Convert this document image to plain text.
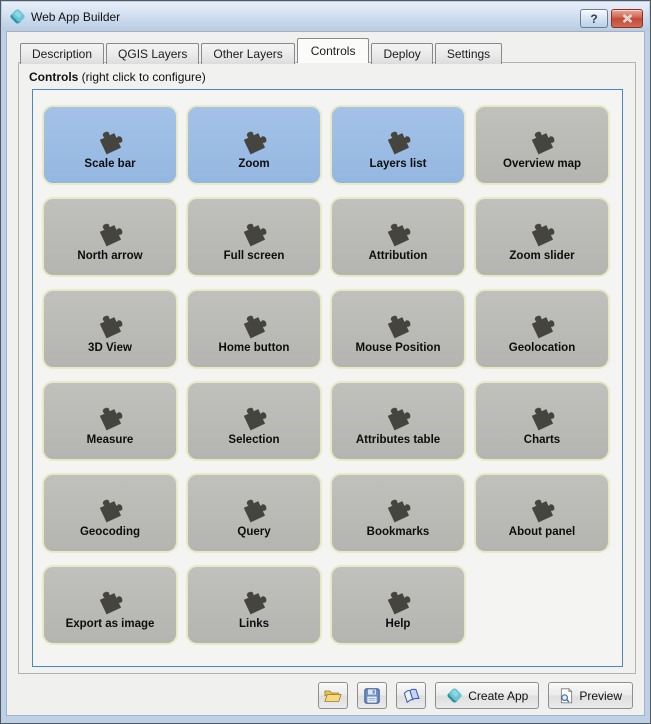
Web App Builder	?
Description	QGIS Layers	Other Layers	Controls	Deploy	Settings
Controls (right click to configure)
Scale bar	Zoom	Layers list	Overview map
North arrow	Full screen	Attribution	Zoom slider
3D View	Home button	Mouse Position	Geolocation
Measure	Selection	Attributes table	Charts
Geocoding	Query	Bookmarks	About panel
Export as image	Links	Help
Create App	Preview
